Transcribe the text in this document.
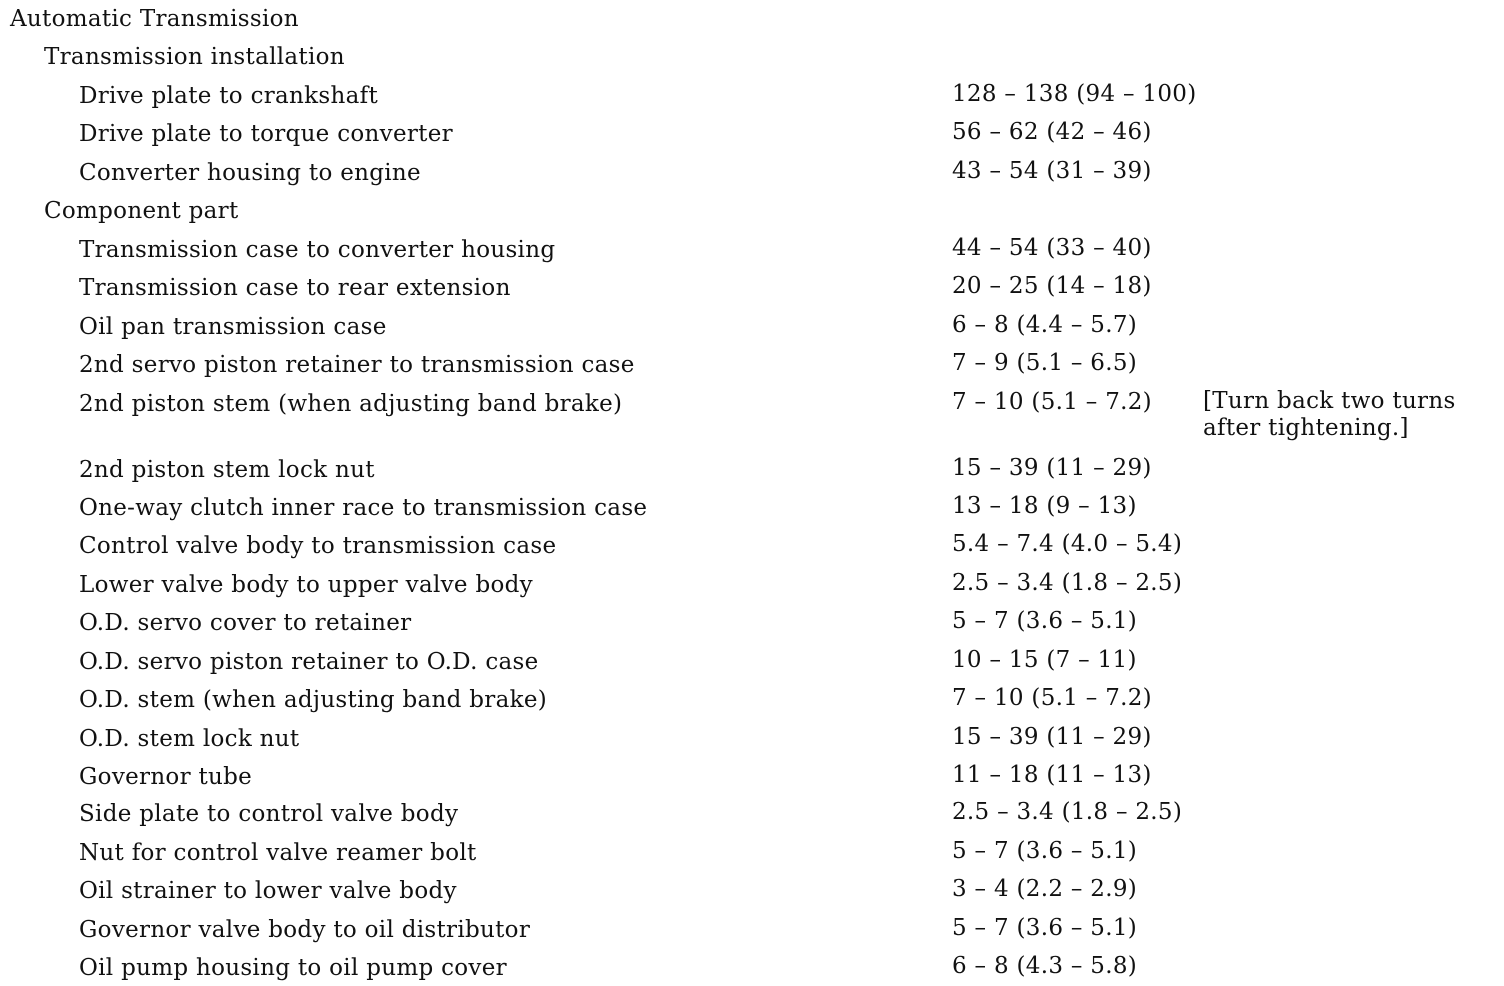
Automatic Transmission
Transmission installation
Drive plate to crankshaft	128 – 138 (94 – 100)
Drive plate to torque converter	56 – 62 (42 – 46)
Converter housing to engine	43 – 54 (31 – 39)
Component part
Transmission case to converter housing	44 – 54 (33 – 40)
Transmission case to rear extension	20 – 25 (14 – 18)
Oil pan transmission case	6 – 8 (4.4 – 5.7)
2nd servo piston retainer to transmission case	7 – 9 (5.1 – 6.5)
2nd piston stem (when adjusting band brake)	7 – 10 (5.1 – 7.2) [Turn back two turns
after tightening.]
2nd piston stem lock nut	15 – 39 (11 – 29)
One-way clutch inner race to transmission case	13 – 18 (9 – 13)
Control valve body to transmission case	5.4 – 7.4 (4.0 – 5.4)
Lower valve body to upper valve body	2.5 – 3.4 (1.8 – 2.5)
O.D. servo cover to retainer	5 – 7 (3.6 – 5.1)
O.D. servo piston retainer to O.D. case	10 – 15 (7 – 11)
O.D. stem (when adjusting band brake)	7 – 10 (5.1 – 7.2)
O.D. stem lock nut	15 – 39 (11 – 29)
Governor tube	11 – 18 (11 – 13)
Side plate to control valve body	2.5 – 3.4 (1.8 – 2.5)
Nut for control valve reamer bolt	5 – 7 (3.6 – 5.1)
Oil strainer to lower valve body	3 – 4 (2.2 – 2.9)
Governor valve body to oil distributor	5 – 7 (3.6 – 5.1)
Oil pump housing to oil pump cover	6 – 8 (4.3 – 5.8)
